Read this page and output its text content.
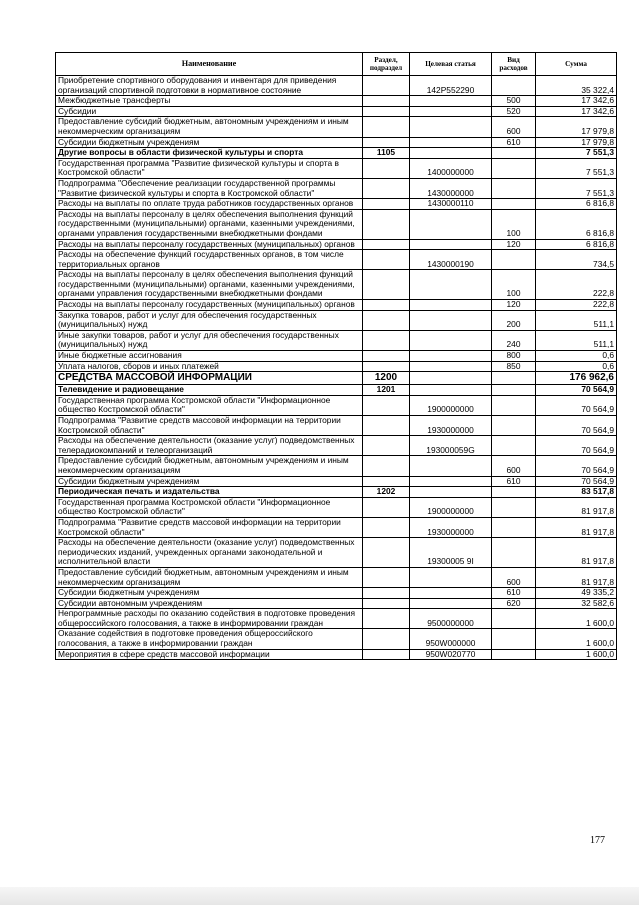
Наименование	Раздел, подраздел	Целевая статья	Вид расходов	Сумма
Приобретение спортивного оборудования и инвентаря для приведения организаций спортивной подготовки в нормативное состояние		142P552290		35 322,4
Межбюджетные трансферты			500	17 342,6
Субсидии			520	17 342,6
Предоставление субсидий бюджетным, автономным учреждениям и иным некоммерческим организациям			600	17 979,8
Субсидии бюджетным учреждениям			610	17 979,8
Другие вопросы в области физической культуры и спорта	1105			7 551,3
Государственная программа "Развитие физической культуры и спорта в Костромской области"		1400000000		7 551,3
Подпрограмма "Обеспечение реализации государственной программы "Развитие физической культуры и спорта в Костромской области"		1430000000		7 551,3
Расходы на выплаты по оплате труда работников государственных органов		1430000110		6 816,8
Расходы на выплаты персоналу в целях обеспечения выполнения функций государственными (муниципальными) органами, казенными учреждениями, органами управления государственными внебюджетными фондами			100	6 816,8
Расходы на выплаты персоналу государственных (муниципальных) органов			120	6 816,8
Расходы на обеспечение функций государственных органов, в том числе территориальных органов		1430000190		734,5
Расходы на выплаты персоналу в целях обеспечения выполнения функций государственными (муниципальными) органами, казенными учреждениями, органами управления государственными внебюджетными фондами			100	222,8
Расходы на выплаты персоналу государственных (муниципальных) органов			120	222,8
Закупка товаров, работ и услуг для обеспечения государственных (муниципальных) нужд			200	511,1
Иные закупки товаров, работ и услуг для обеспечения государственных (муниципальных) нужд			240	511,1
Иные бюджетные ассигнования			800	0,6
Уплата налогов, сборов и иных платежей			850	0,6
СРЕДСТВА МАССОВОЙ ИНФОРМАЦИИ	1200			176 962,6
Телевидение и радиовещание	1201			70 564,9
Государственная программа Костромской области "Информационное общество Костромской области"		1900000000		70 564,9
Подпрограмма "Развитие средств массовой информации на территории Костромской области"		1930000000		70 564,9
Расходы на обеспечение деятельности (оказание услуг) подведомственных телерадиокомпаний и телеорганизаций		193000059G		70 564,9
Предоставление субсидий бюджетным, автономным учреждениям и иным некоммерческим организациям			600	70 564,9
Субсидии бюджетным учреждениям			610	70 564,9
Периодическая печать и издательства	1202			83 517,8
Государственная программа Костромской области "Информационное общество Костромской области"		1900000000		81 917,8
Подпрограмма "Развитие средств массовой информации на территории Костромской области"		1930000000		81 917,8
Расходы на обеспечение деятельности (оказание услуг) подведомственных периодических изданий, учрежденных органами законодательной и исполнительной власти		19300005 9I		81 917,8
Предоставление субсидий бюджетным, автономным учреждениям и иным некоммерческим организациям			600	81 917,8
Субсидии бюджетным учреждениям			610	49 335,2
Субсидии автономным учреждениям			620	32 582,6
Непрограммные расходы по оказанию содействия в подготовке проведения общероссийского голосования, а также в информировании граждан		9500000000		1 600,0
Оказание содействия в подготовке проведения общероссийского голосования, а также в информировании граждан		950W000000		1 600,0
Мероприятия в сфере средств массовой информации		950W020770		1 600,0
177
